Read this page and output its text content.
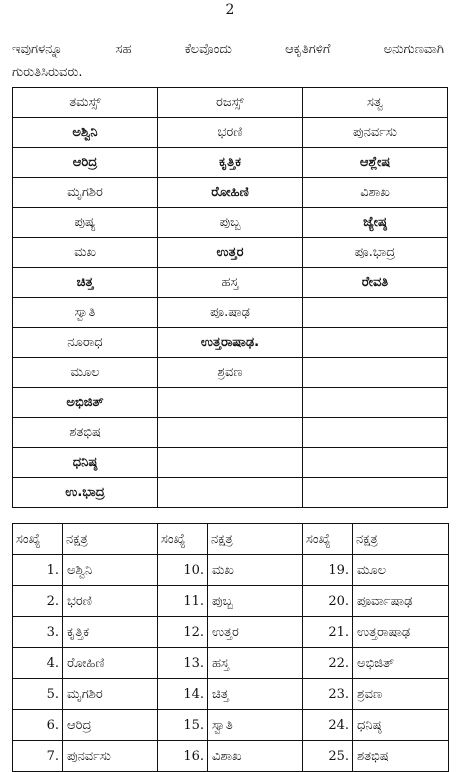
2
ಇವುಗಳನ್ನೂ	ಸಹ	ಕೆಲವೊಂದು	ಆಕೃತಿಗಳಿಗೆ	ಅನುಗುಣವಾಗಿ
ಗುರುತಿಸಿರುವರು.
ತಮಸ್ಸ್	ರಜಸ್ಸ್	ಸತ್ವ
ಅಶ್ವಿನಿ	ಭರಣಿ	ಪುನರ್ವಸು
ಆರಿದ್ರ	ಕೃತ್ತಿಕ	ಆಶ್ಲೇಷ
ಮೃಗಶಿರ	ರೋಹಿಣಿ	ವಿಶಾಖ
ಪುಷ್ಯ	ಪುಬ್ಬ	ಜ್ಯೇಷ್ಠ
ಮಖ	ಉತ್ತರ	ಪೂ.ಭಾದ್ರ
ಚಿತ್ತ	ಹಸ್ತ	ರೇವತಿ
ಸ್ವಾತಿ	ಪೂ.ಷಾಢ	
ನೂರಾಧ	ಉತ್ತರಾಷಾಢ.	
ಮೂಲ	ಶ್ರವಣ	
ಅಭಿಜಿತ್		
ಶತಭಿಷ		
ಧನಿಷ್ಠ		
ಉ.ಭಾದ್ರ		
ಸಂಖ್ಯೆ	ನಕ್ಷತ್ರ	ಸಂಖ್ಯೆ	ನಕ್ಷತ್ರ	ಸಂಖ್ಯೆ	ನಕ್ಷತ್ರ
1.	ಅಶ್ವಿನಿ	10.	ಮಖ	19.	ಮೂಲ
2.	ಭರಣಿ	11.	ಪುಬ್ಬ	20.	ಪೂರ್ವಾಷಾಢ
3.	ಕೃತ್ತಿಕ	12.	ಉತ್ತರ	21.	ಉತ್ತರಾಷಾಢ
4.	ರೋಹಿಣಿ	13.	ಹಸ್ತ	22.	ಅಭಿಜಿತ್
5.	ಮೃಗಶಿರ	14.	ಚಿತ್ತ	23.	ಶ್ರವಣ
6.	ಆರಿದ್ರ	15.	ಸ್ವಾತಿ	24.	ಧನಿಷ್ಠ
7.	ಪುನರ್ವಸು	16.	ವಿಶಾಖ	25.	ಶತಭಿಷ
